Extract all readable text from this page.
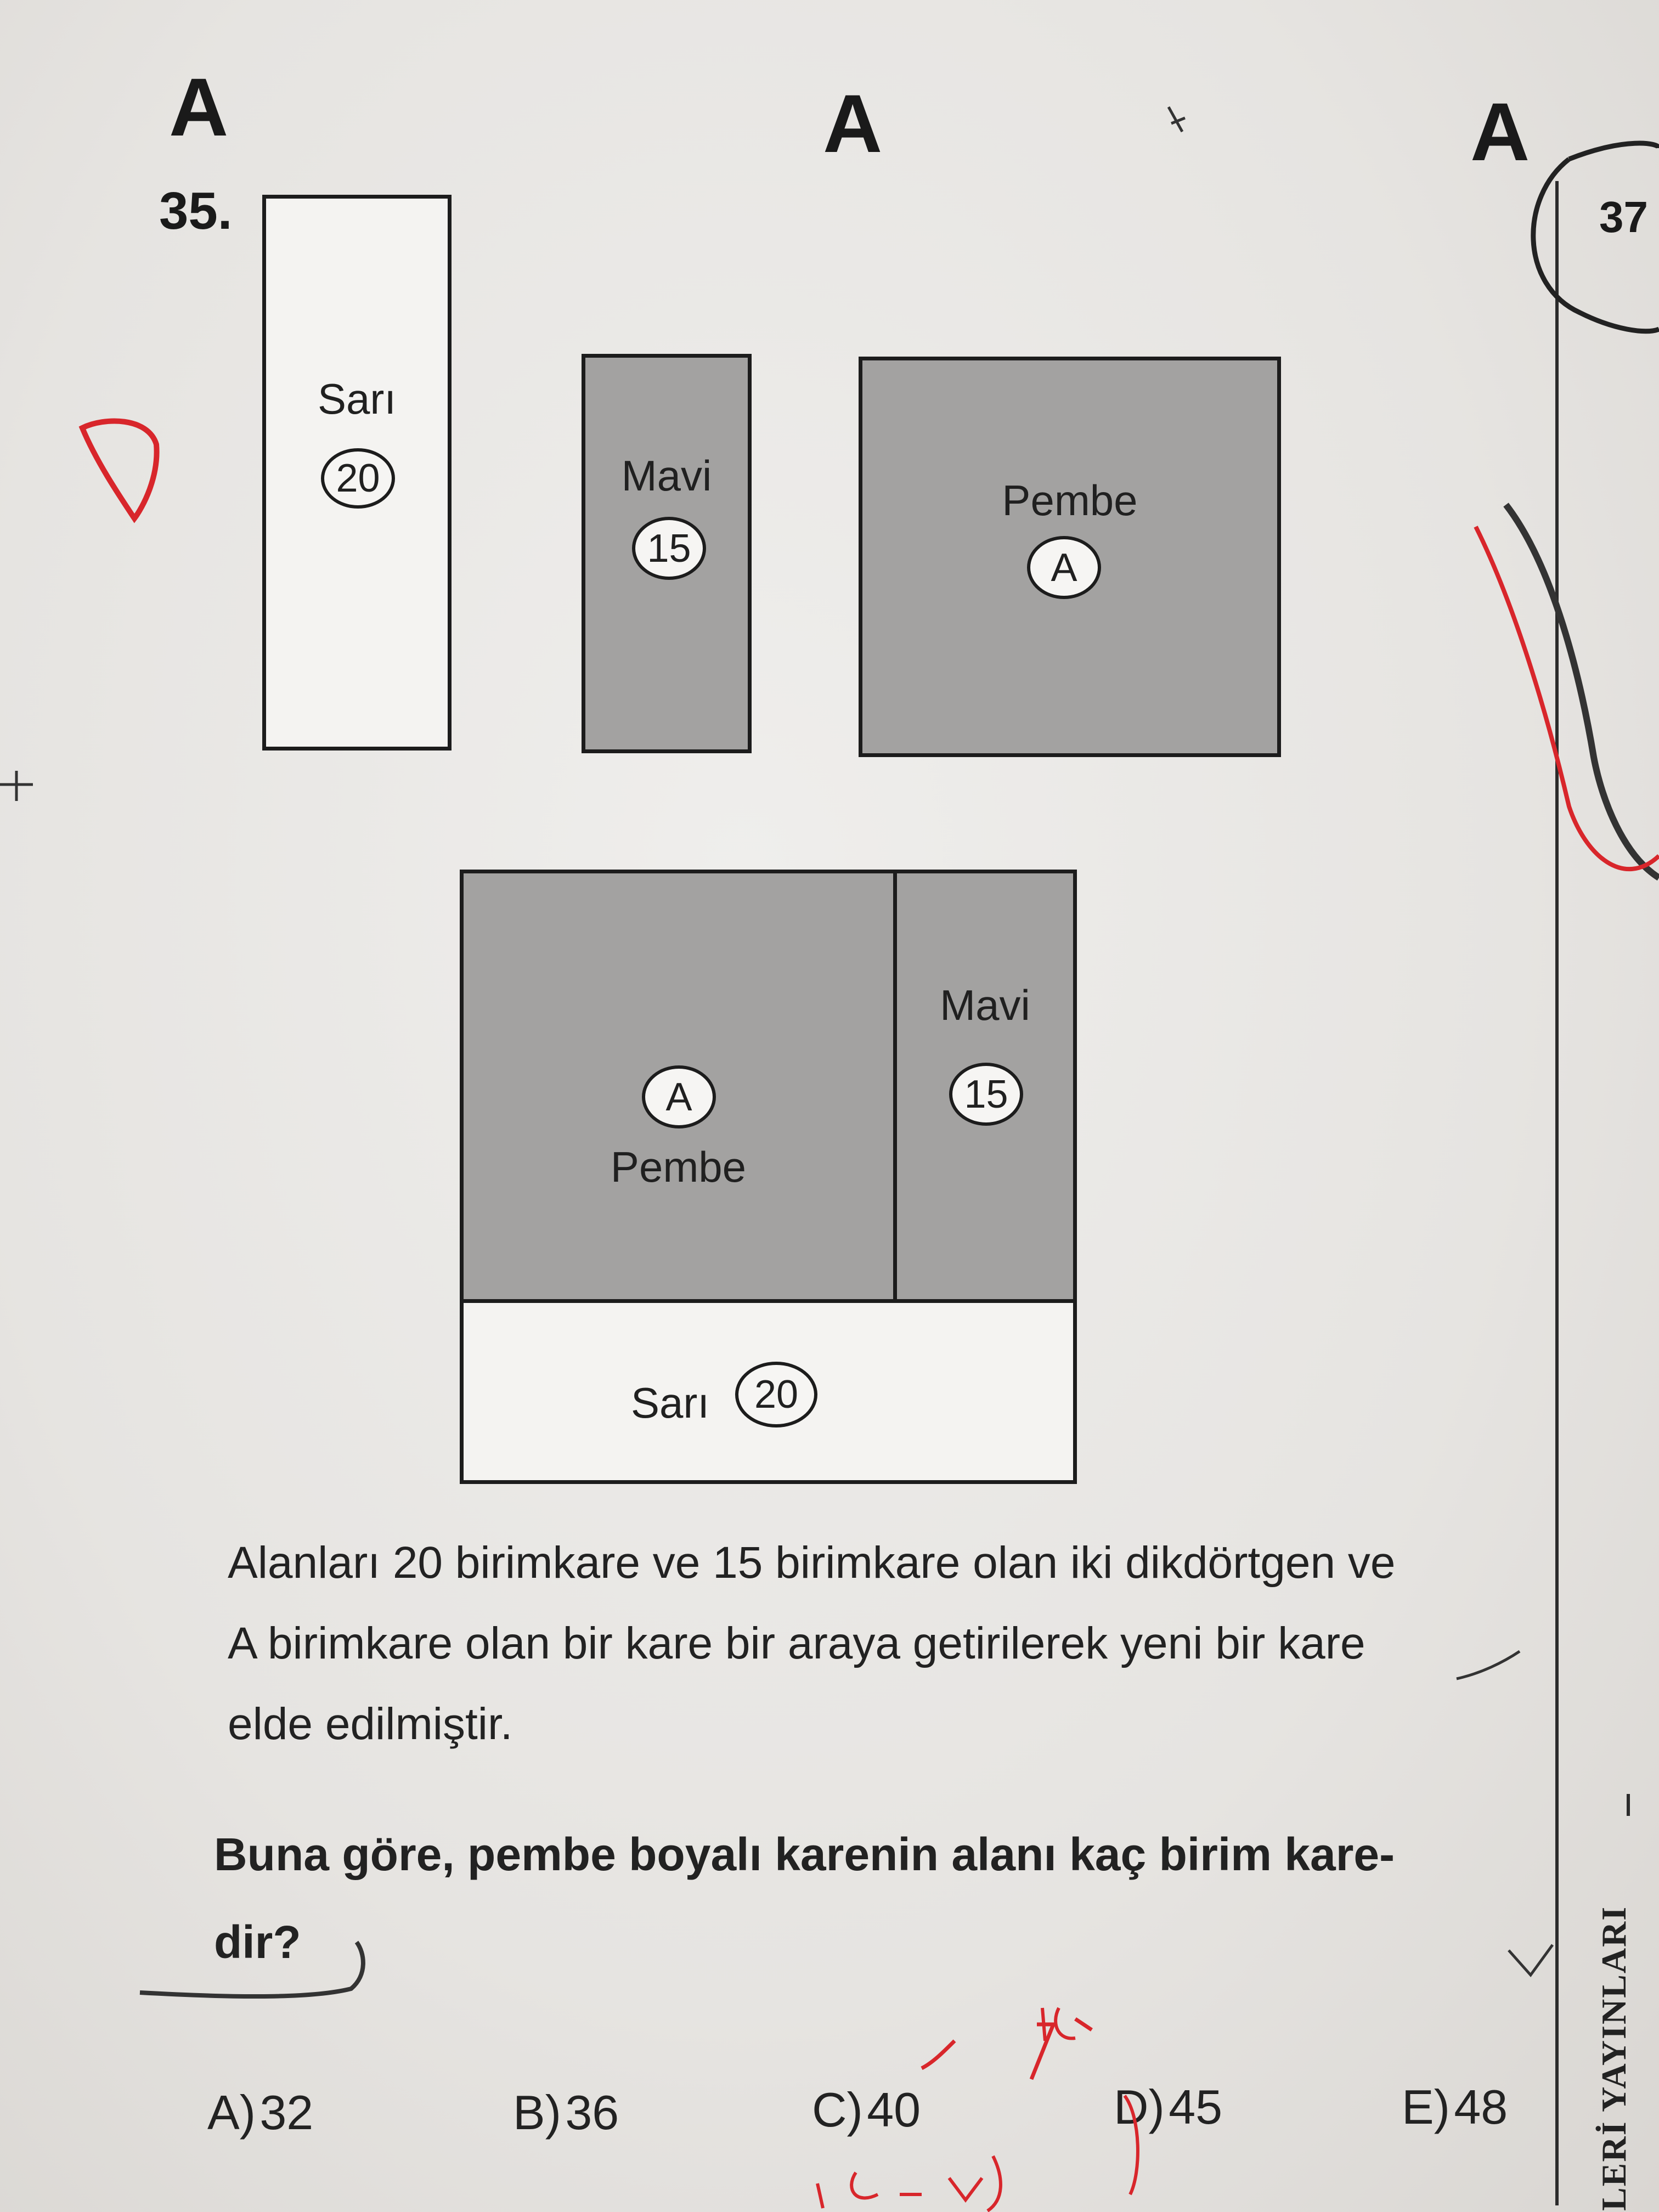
A	A	A
37
35.
Sarı
20	Mavi
15
Pembe
A
A
Pembe
Mavi
15
Sarı	20
Alanları 20 birimkare ve 15 birimkare olan iki dikdörtgen ve
A birimkare olan bir kare bir araya getirilerek yeni bir kare
elde edilmiştir.
Buna göre, pembe boyalı karenin alanı kaç birim kare-
dir?
A) 32	B) 36	C) 40	D) 45	E) 48 LERİ YAYINLARI
